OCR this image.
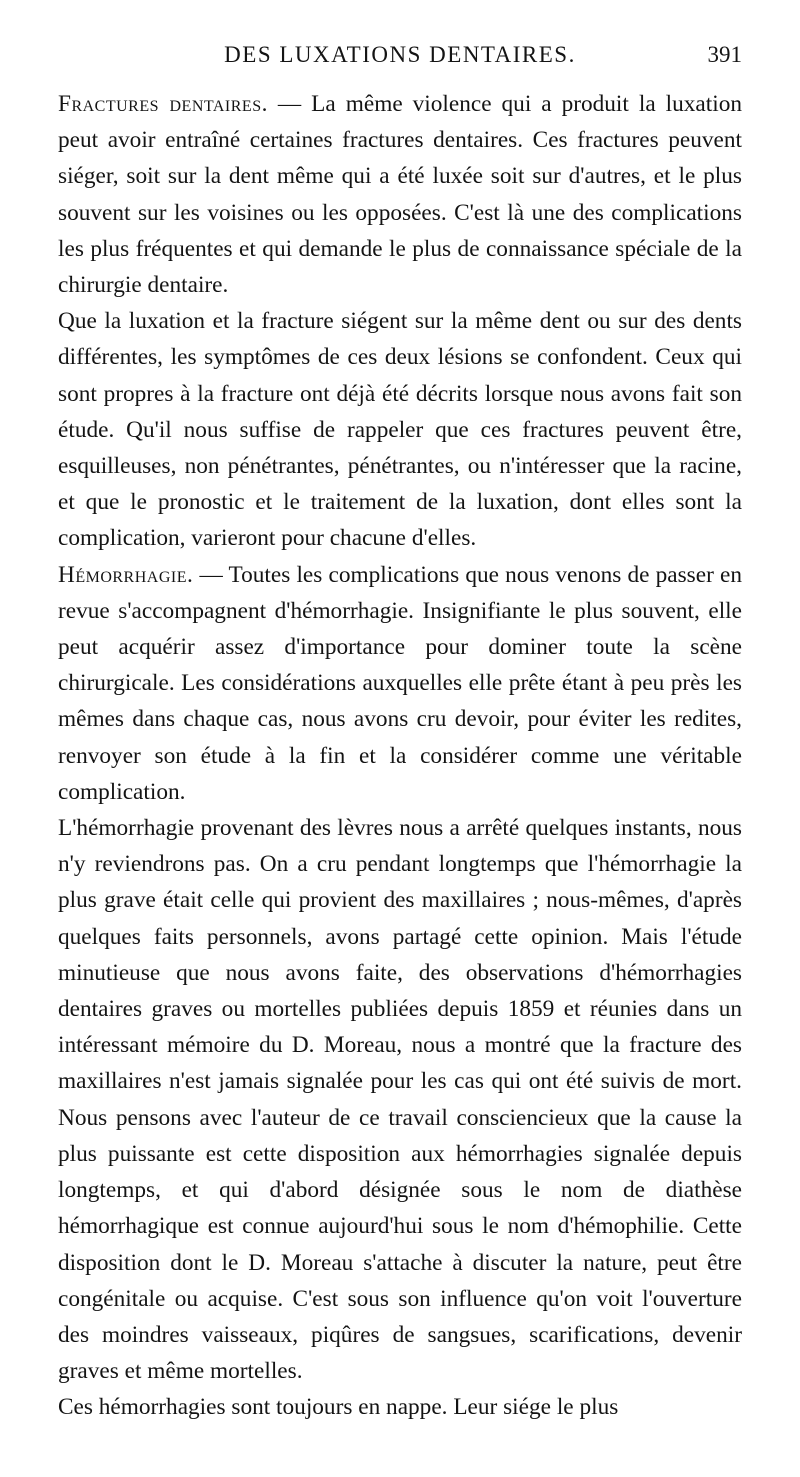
DES LUXATIONS DENTAIRES.	391

Fractures dentaires. — La même violence qui a produit la luxation peut avoir entraîné certaines fractures dentaires. Ces fractures peuvent siéger, soit sur la dent même qui a été luxée soit sur d'autres, et le plus souvent sur les voisines ou les opposées. C'est là une des complications les plus fréquentes et qui demande le plus de connaissance spéciale de la chirurgie dentaire.

Que la luxation et la fracture siégent sur la même dent ou sur des dents différentes, les symptômes de ces deux lésions se confondent. Ceux qui sont propres à la fracture ont déjà été décrits lorsque nous avons fait son étude. Qu'il nous suffise de rappeler que ces fractures peuvent être, esquilleuses, non pénétrantes, pénétrantes, ou n'intéresser que la racine, et que le pronostic et le traitement de la luxation, dont elles sont la complication, varieront pour chacune d'elles.

Hémorrhagie. — Toutes les complications que nous venons de passer en revue s'accompagnent d'hémorrhagie. Insignifiante le plus souvent, elle peut acquérir assez d'importance pour dominer toute la scène chirurgicale. Les considérations auxquelles elle prête étant à peu près les mêmes dans chaque cas, nous avons cru devoir, pour éviter les redites, renvoyer son étude à la fin et la considérer comme une véritable complication.

L'hémorrhagie provenant des lèvres nous a arrêté quelques instants, nous n'y reviendrons pas. On a cru pendant longtemps que l'hémorrhagie la plus grave était celle qui provient des maxillaires ; nous-mêmes, d'après quelques faits personnels, avons partagé cette opinion. Mais l'étude minutieuse que nous avons faite, des observations d'hémorrhagies dentaires graves ou mortelles publiées depuis 1859 et réunies dans un intéressant mémoire du D. Moreau, nous a montré que la fracture des maxillaires n'est jamais signalée pour les cas qui ont été suivis de mort. Nous pensons avec l'auteur de ce travail consciencieux que la cause la plus puissante est cette disposition aux hémorrhagies signalée depuis longtemps, et qui d'abord désignée sous le nom de diathèse hémorrhagique est connue aujourd'hui sous le nom d'hémophilie. Cette disposition dont le D. Moreau s'attache à discuter la nature, peut être congénitale ou acquise. C'est sous son influence qu'on voit l'ouverture des moindres vaisseaux, piqûres de sangsues, scarifications, devenir graves et même mortelles.

Ces hémorrhagies sont toujours en nappe. Leur siége le plus
